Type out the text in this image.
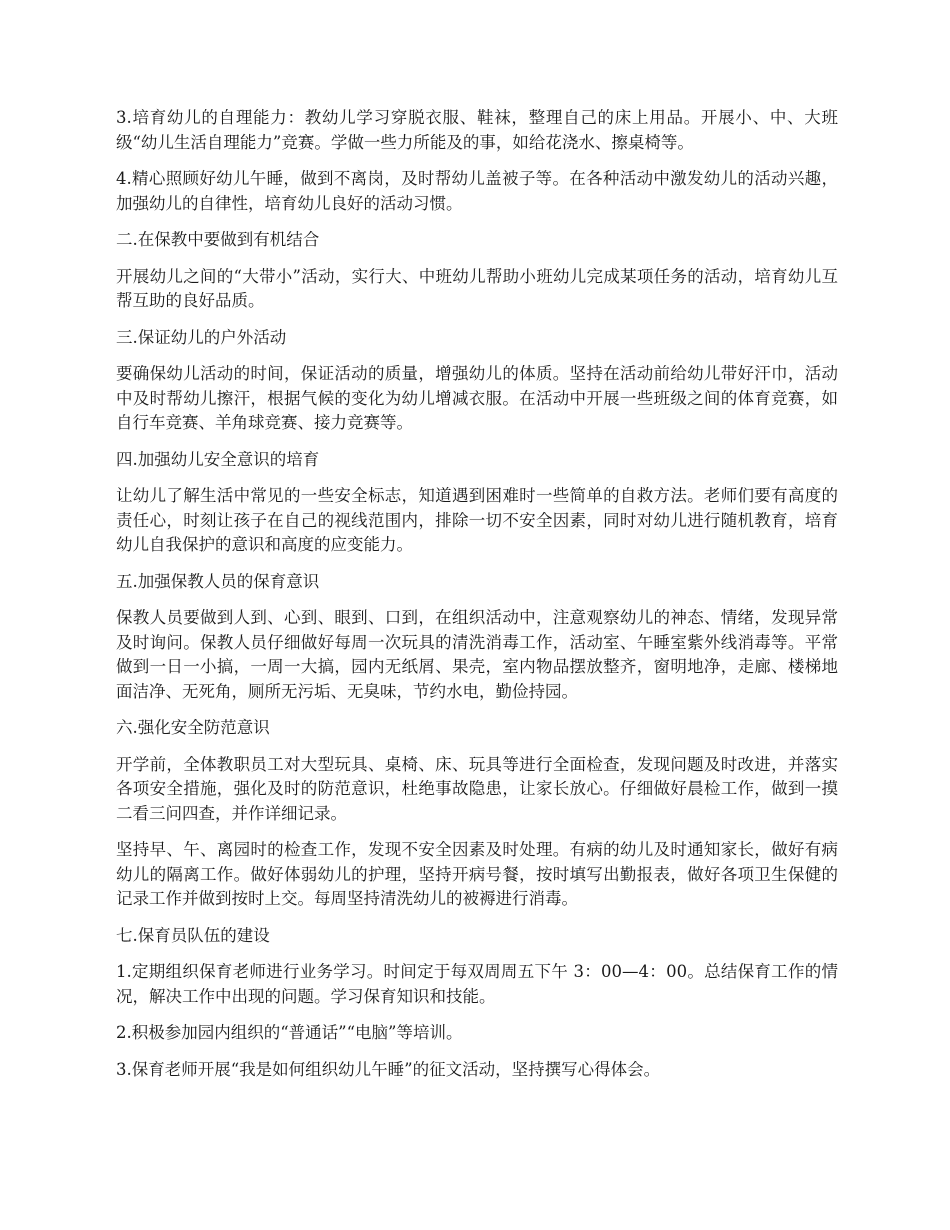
3.培育幼儿的自理能力：教幼儿学习穿脱衣服、鞋袜，整理自己的床上用品。开展小、中、大班级“幼儿生活自理能力”竞赛。学做一些力所能及的事，如给花浇水、擦桌椅等。

4.精心照顾好幼儿午睡，做到不离岗，及时帮幼儿盖被子等。在各种活动中激发幼儿的活动兴趣，加强幼儿的自律性，培育幼儿良好的活动习惯。

二.在保教中要做到有机结合

开展幼儿之间的“大带小”活动，实行大、中班幼儿帮助小班幼儿完成某项任务的活动，培育幼儿互帮互助的良好品质。

三.保证幼儿的户外活动

要确保幼儿活动的时间，保证活动的质量，增强幼儿的体质。坚持在活动前给幼儿带好汗巾，活动中及时帮幼儿擦汗，根据气候的变化为幼儿增减衣服。在活动中开展一些班级之间的体育竞赛，如自行车竞赛、羊角球竞赛、接力竞赛等。

四.加强幼儿安全意识的培育

让幼儿了解生活中常见的一些安全标志，知道遇到困难时一些简单的自救方法。老师们要有高度的责任心，时刻让孩子在自己的视线范围内，排除一切不安全因素，同时对幼儿进行随机教育，培育幼儿自我保护的意识和高度的应变能力。

五.加强保教人员的保育意识

保教人员要做到人到、心到、眼到、口到，在组织活动中，注意观察幼儿的神态、情绪，发现异常及时询问。保教人员仔细做好每周一次玩具的清洗消毒工作，活动室、午睡室紫外线消毒等。平常做到一日一小搞，一周一大搞，园内无纸屑、果壳，室内物品摆放整齐，窗明地净，走廊、楼梯地面洁净、无死角，厕所无污垢、无臭味，节约水电，勤俭持园。

六.强化安全防范意识

开学前，全体教职员工对大型玩具、桌椅、床、玩具等进行全面检查，发现问题及时改进，并落实各项安全措施，强化及时的防范意识，杜绝事故隐患，让家长放心。仔细做好晨检工作，做到一摸二看三问四查，并作详细记录。

坚持早、午、离园时的检查工作，发现不安全因素及时处理。有病的幼儿及时通知家长，做好有病幼儿的隔离工作。做好体弱幼儿的护理，坚持开病号餐，按时填写出勤报表，做好各项卫生保健的记录工作并做到按时上交。每周坚持清洗幼儿的被褥进行消毒。

七.保育员队伍的建设

1.定期组织保育老师进行业务学习。时间定于每双周周五下午 3：00—4：00。总结保育工作的情况，解决工作中出现的问题。学习保育知识和技能。

2.积极参加园内组织的“普通话”“电脑”等培训。

3.保育老师开展“我是如何组织幼儿午睡”的征文活动，坚持撰写心得体会。
